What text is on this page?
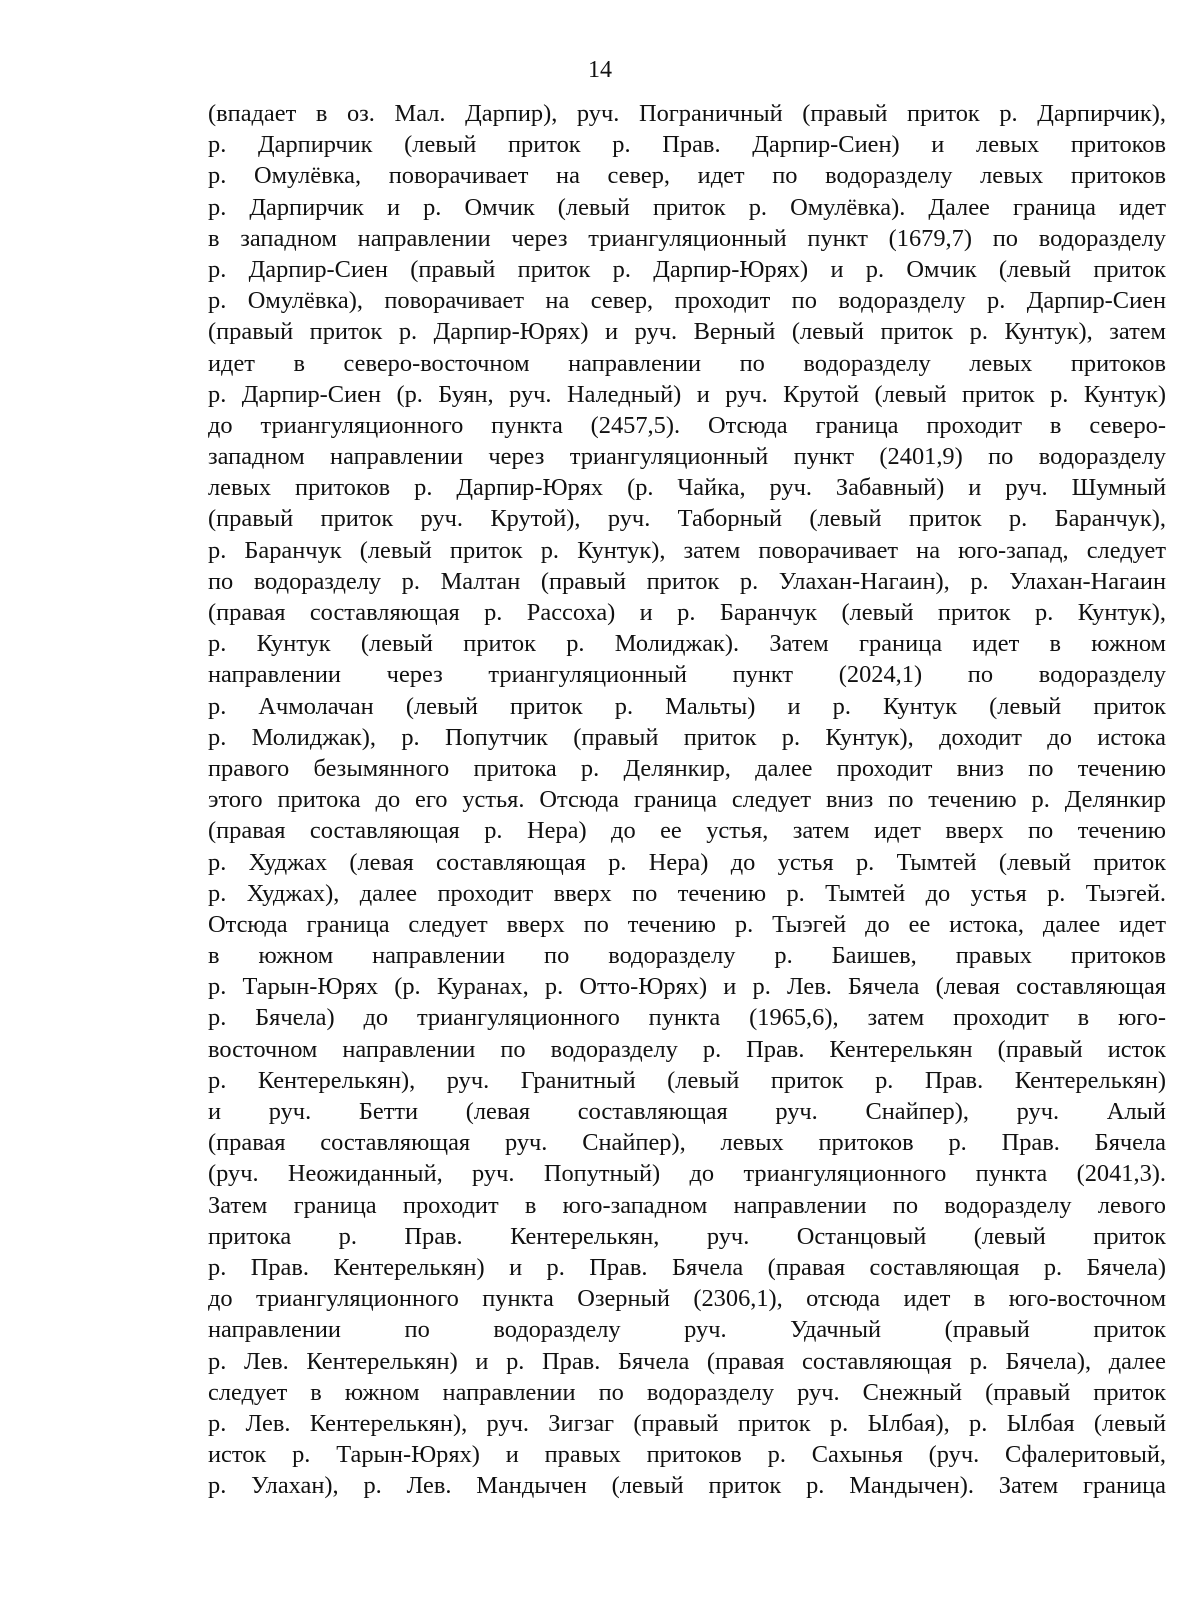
14
(впадает в оз. Мал. Дарпир), руч. Пограничный (правый приток р. Дарпирчик),
р. Дарпирчик (левый приток р. Прав. Дарпир-Сиен) и левых притоков
р. Омулёвка, поворачивает на север, идет по водоразделу левых притоков
р. Дарпирчик и р. Омчик (левый приток р. Омулёвка). Далее граница идет
в западном направлении через триангуляционный пункт (1679,7) по водоразделу
р. Дарпир-Сиен (правый приток р. Дарпир-Юрях) и р. Омчик (левый приток
р. Омулёвка), поворачивает на север, проходит по водоразделу р. Дарпир-Сиен
(правый приток р. Дарпир-Юрях) и руч. Верный (левый приток р. Кунтук), затем
идет в северо-восточном направлении по водоразделу левых притоков
р. Дарпир-Сиен (р. Буян, руч. Наледный) и руч. Крутой (левый приток р. Кунтук)
до триангуляционного пункта (2457,5). Отсюда граница проходит в северо-
западном направлении через триангуляционный пункт (2401,9) по водоразделу
левых притоков р. Дарпир-Юрях (р. Чайка, руч. Забавный) и руч. Шумный
(правый приток руч. Крутой), руч. Таборный (левый приток р. Баранчук),
р. Баранчук (левый приток р. Кунтук), затем поворачивает на юго-запад, следует
по водоразделу р. Малтан (правый приток р. Улахан-Нагаин), р. Улахан-Нагаин
(правая составляющая р. Рассоха) и р. Баранчук (левый приток р. Кунтук),
р. Кунтук (левый приток р. Молиджак). Затем граница идет в южном
направлении через триангуляционный пункт (2024,1) по водоразделу
р. Ачмолачан (левый приток р. Мальты) и р. Кунтук (левый приток
р. Молиджак), р. Попутчик (правый приток р. Кунтук), доходит до истока
правого безымянного притока р. Делянкир, далее проходит вниз по течению
этого притока до его устья. Отсюда граница следует вниз по течению р. Делянкир
(правая составляющая р. Нера) до ее устья, затем идет вверх по течению
р. Худжах (левая составляющая р. Нера) до устья р. Тымтей (левый приток
р. Худжах), далее проходит вверх по течению р. Тымтей до устья р. Тыэгей.
Отсюда граница следует вверх по течению р. Тыэгей до ее истока, далее идет
в южном направлении по водоразделу р. Баишев, правых притоков
р. Тарын-Юрях (р. Куранах, р. Отто-Юрях) и р. Лев. Бячела (левая составляющая
р. Бячела) до триангуляционного пункта (1965,6), затем проходит в юго-
восточном направлении по водоразделу р. Прав. Кентерелькян (правый исток
р. Кентерелькян), руч. Гранитный (левый приток р. Прав. Кентерелькян)
и руч. Бетти (левая составляющая руч. Снайпер), руч. Алый
(правая составляющая руч. Снайпер), левых притоков р. Прав. Бячела
(руч. Неожиданный, руч. Попутный) до триангуляционного пункта (2041,3).
Затем граница проходит в юго-западном направлении по водоразделу левого
притока р. Прав. Кентерелькян, руч. Останцовый (левый приток
р. Прав. Кентерелькян) и р. Прав. Бячела (правая составляющая р. Бячела)
до триангуляционного пункта Озерный (2306,1), отсюда идет в юго-восточном
направлении по водоразделу руч. Удачный (правый приток
р. Лев. Кентерелькян) и р. Прав. Бячела (правая составляющая р. Бячела), далее
следует в южном направлении по водоразделу руч. Снежный (правый приток
р. Лев. Кентерелькян), руч. Зигзаг (правый приток р. Ылбая), р. Ылбая (левый
исток р. Тарын-Юрях) и правых притоков р. Сахынья (руч. Сфалеритовый,
р. Улахан), р. Лев. Мандычен (левый приток р. Мандычен). Затем граница
